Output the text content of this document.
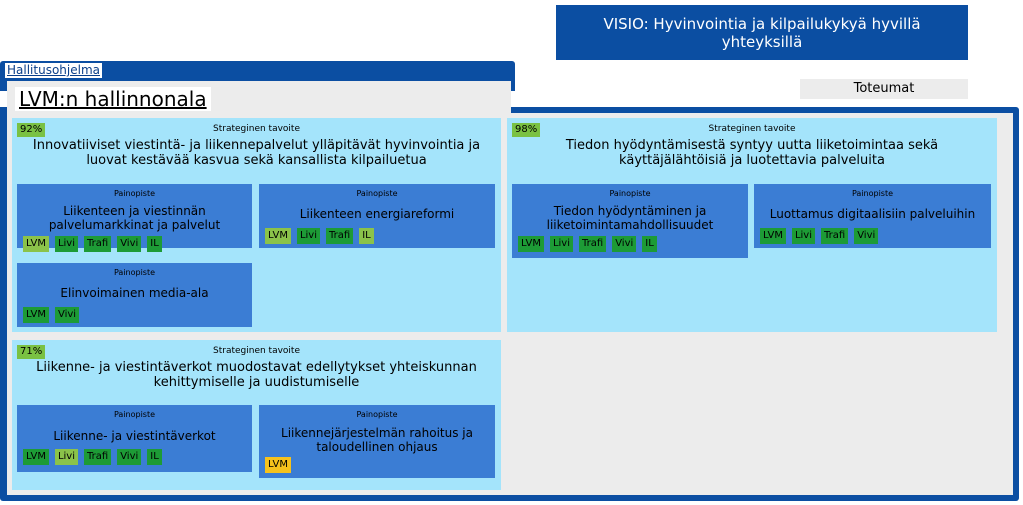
VISIO: Hyvinvointia ja kilpailukykyä hyvillä yhteyksillä
Hallitusohjelma
LVM:n hallinnonala	Toteumat
92%	Strateginen tavoite
Innovatiiviset viestintä- ja liikennepalvelut ylläpitävät hyvinvointia ja luovat kestävää kasvua sekä kansallista kilpailuetua
Painopiste
Liikenteen ja viestinnän palvelumarkkinat ja palvelut
LVM	Livi	Trafi	Vivi	IL
Painopiste
Liikenteen energiareformi
LVM	Livi	Trafi	IL
Painopiste
Elinvoimainen media-ala
LVM	Vivi
98%	Strateginen tavoite
Tiedon hyödyntämisestä syntyy uutta liiketoimintaa sekä käyttäjälähtöisiä ja luotettavia palveluita
Painopiste
Tiedon hyödyntäminen ja liiketoimintamahdollisuudet
LVM	Livi	Trafi	Vivi	IL
Painopiste
Luottamus digitaalisiin palveluihin
LVM	Livi	Trafi	Vivi
71%	Strateginen tavoite
Liikenne- ja viestintäverkot muodostavat edellytykset yhteiskunnan kehittymiselle ja uudistumiselle
Painopiste
Liikenne- ja viestintäverkot
LVM	Livi	Trafi	Vivi	IL
Painopiste
Liikennejärjestelmän rahoitus ja taloudellinen ohjaus
LVM
